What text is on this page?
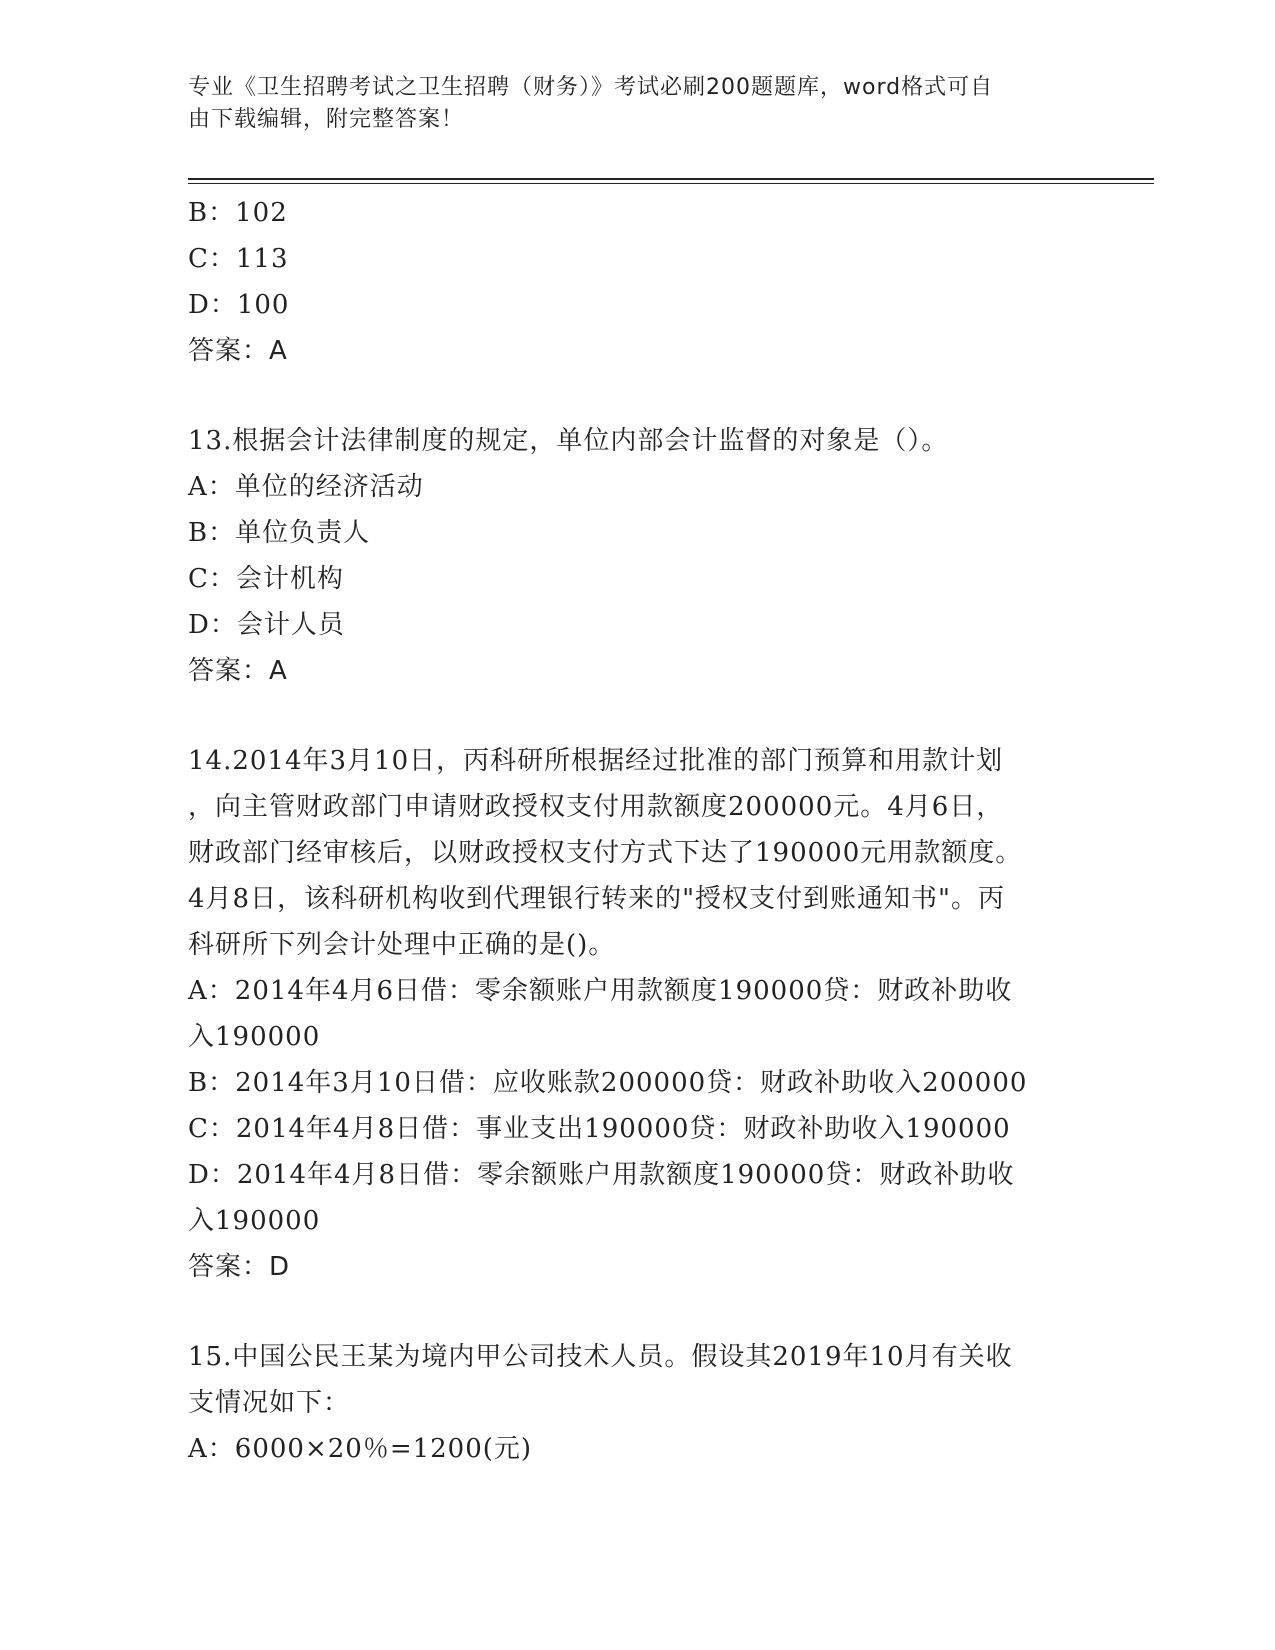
专业《卫生招聘考试之卫生招聘（财务）》考试必刷200题题库，word格式可自
由下载编辑，附完整答案！
B：102
C：113
D：100
答案：A
13.根据会计法律制度的规定，单位内部会计监督的对象是（）。
A：单位的经济活动
B：单位负责人
C：会计机构
D：会计人员
答案：A
14.2014年3月10日，丙科研所根据经过批准的部门预算和用款计划
，向主管财政部门申请财政授权支付用款额度200000元。4月6日，
财政部门经审核后，以财政授权支付方式下达了190000元用款额度。
4月8日，该科研机构收到代理银行转来的"授权支付到账通知书"。丙
科研所下列会计处理中正确的是()。
A：2014年4月6日借：零余额账户用款额度190000贷：财政补助收
入190000
B：2014年3月10日借：应收账款200000贷：财政补助收入200000
C：2014年4月8日借：事业支出190000贷：财政补助收入190000
D：2014年4月8日借：零余额账户用款额度190000贷：财政补助收
入190000
答案：D
15.中国公民王某为境内甲公司技术人员。假设其2019年10月有关收
支情况如下：
A：6000×20％=1200(元)
